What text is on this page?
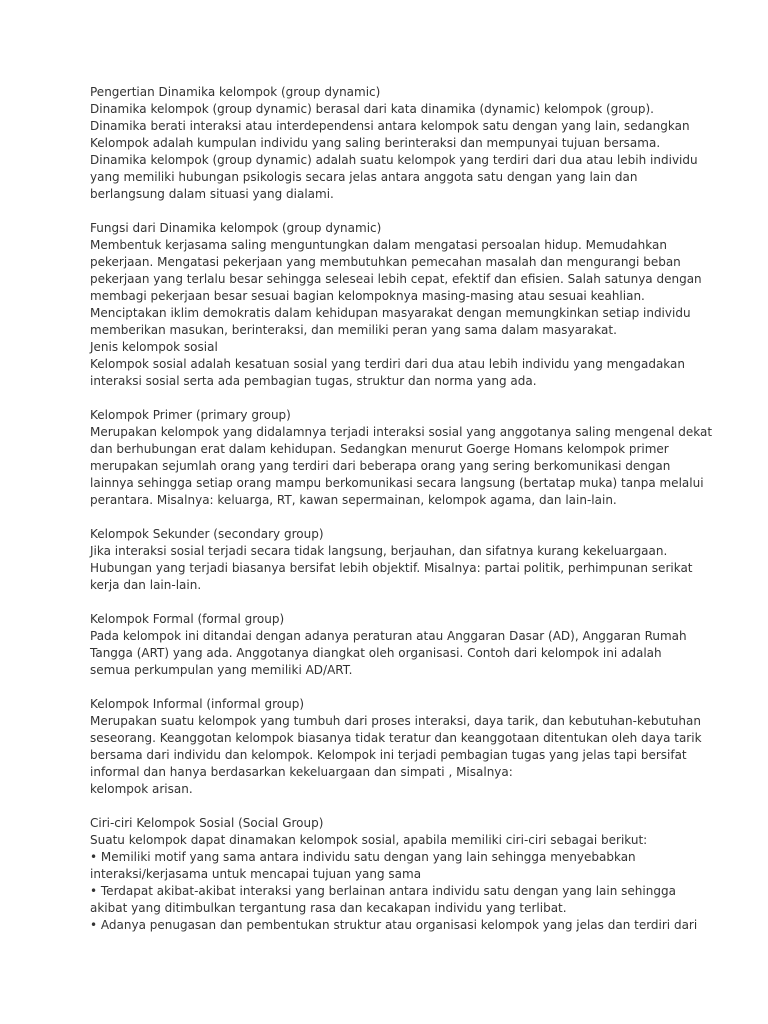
Pengertian Dinamika kelompok (group dynamic)
Dinamika kelompok (group dynamic) berasal dari kata dinamika (dynamic) kelompok (group).
Dinamika berati interaksi atau interdependensi antara kelompok satu dengan yang lain, sedangkan
Kelompok adalah kumpulan individu yang saling berinteraksi dan mempunyai tujuan bersama.
Dinamika kelompok (group dynamic) adalah suatu kelompok yang terdiri dari dua atau lebih individu
yang memiliki hubungan psikologis secara jelas antara anggota satu dengan yang lain dan
berlangsung dalam situasi yang dialami.
Fungsi dari Dinamika kelompok (group dynamic)
Membentuk kerjasama saling menguntungkan dalam mengatasi persoalan hidup. Memudahkan
pekerjaan. Mengatasi pekerjaan yang membutuhkan pemecahan masalah dan mengurangi beban
pekerjaan yang terlalu besar sehingga seleseai lebih cepat, efektif dan efisien. Salah satunya dengan
membagi pekerjaan besar sesuai bagian kelompoknya masing-masing atau sesuai keahlian.
Menciptakan iklim demokratis dalam kehidupan masyarakat dengan memungkinkan setiap individu
memberikan masukan, berinteraksi, dan memiliki peran yang sama dalam masyarakat.
Jenis kelompok sosial
Kelompok sosial adalah kesatuan sosial yang terdiri dari dua atau lebih individu yang mengadakan
interaksi sosial serta ada pembagian tugas, struktur dan norma yang ada.
Kelompok Primer (primary group)
Merupakan kelompok yang didalamnya terjadi interaksi sosial yang anggotanya saling mengenal dekat
dan berhubungan erat dalam kehidupan. Sedangkan menurut Goerge Homans kelompok primer
merupakan sejumlah orang yang terdiri dari beberapa orang yang sering berkomunikasi dengan
lainnya sehingga setiap orang mampu berkomunikasi secara langsung (bertatap muka) tanpa melalui
perantara. Misalnya: keluarga, RT, kawan sepermainan, kelompok agama, dan lain-lain.
Kelompok Sekunder (secondary group)
Jika interaksi sosial terjadi secara tidak langsung, berjauhan, dan sifatnya kurang kekeluargaan.
Hubungan yang terjadi biasanya bersifat lebih objektif. Misalnya: partai politik, perhimpunan serikat
kerja dan lain-lain.
Kelompok Formal (formal group)
Pada kelompok ini ditandai dengan adanya peraturan atau Anggaran Dasar (AD), Anggaran Rumah
Tangga (ART) yang ada. Anggotanya diangkat oleh organisasi. Contoh dari kelompok ini adalah
semua perkumpulan yang memiliki AD/ART.
Kelompok Informal (informal group)
Merupakan suatu kelompok yang tumbuh dari proses interaksi, daya tarik, dan kebutuhan-kebutuhan
seseorang. Keanggotan kelompok biasanya tidak teratur dan keanggotaan ditentukan oleh daya tarik
bersama dari individu dan kelompok. Kelompok ini terjadi pembagian tugas yang jelas tapi bersifat
informal dan hanya berdasarkan kekeluargaan dan simpati , Misalnya:
kelompok arisan.
Ciri-ciri Kelompok Sosial (Social Group)
Suatu kelompok dapat dinamakan kelompok sosial, apabila memiliki ciri-ciri sebagai berikut:
• Memiliki motif yang sama antara individu satu dengan yang lain sehingga menyebabkan
interaksi/kerjasama untuk mencapai tujuan yang sama
• Terdapat akibat-akibat interaksi yang berlainan antara individu satu dengan yang lain sehingga
akibat yang ditimbulkan tergantung rasa dan kecakapan individu yang terlibat.
• Adanya penugasan dan pembentukan struktur atau organisasi kelompok yang jelas dan terdiri dari
